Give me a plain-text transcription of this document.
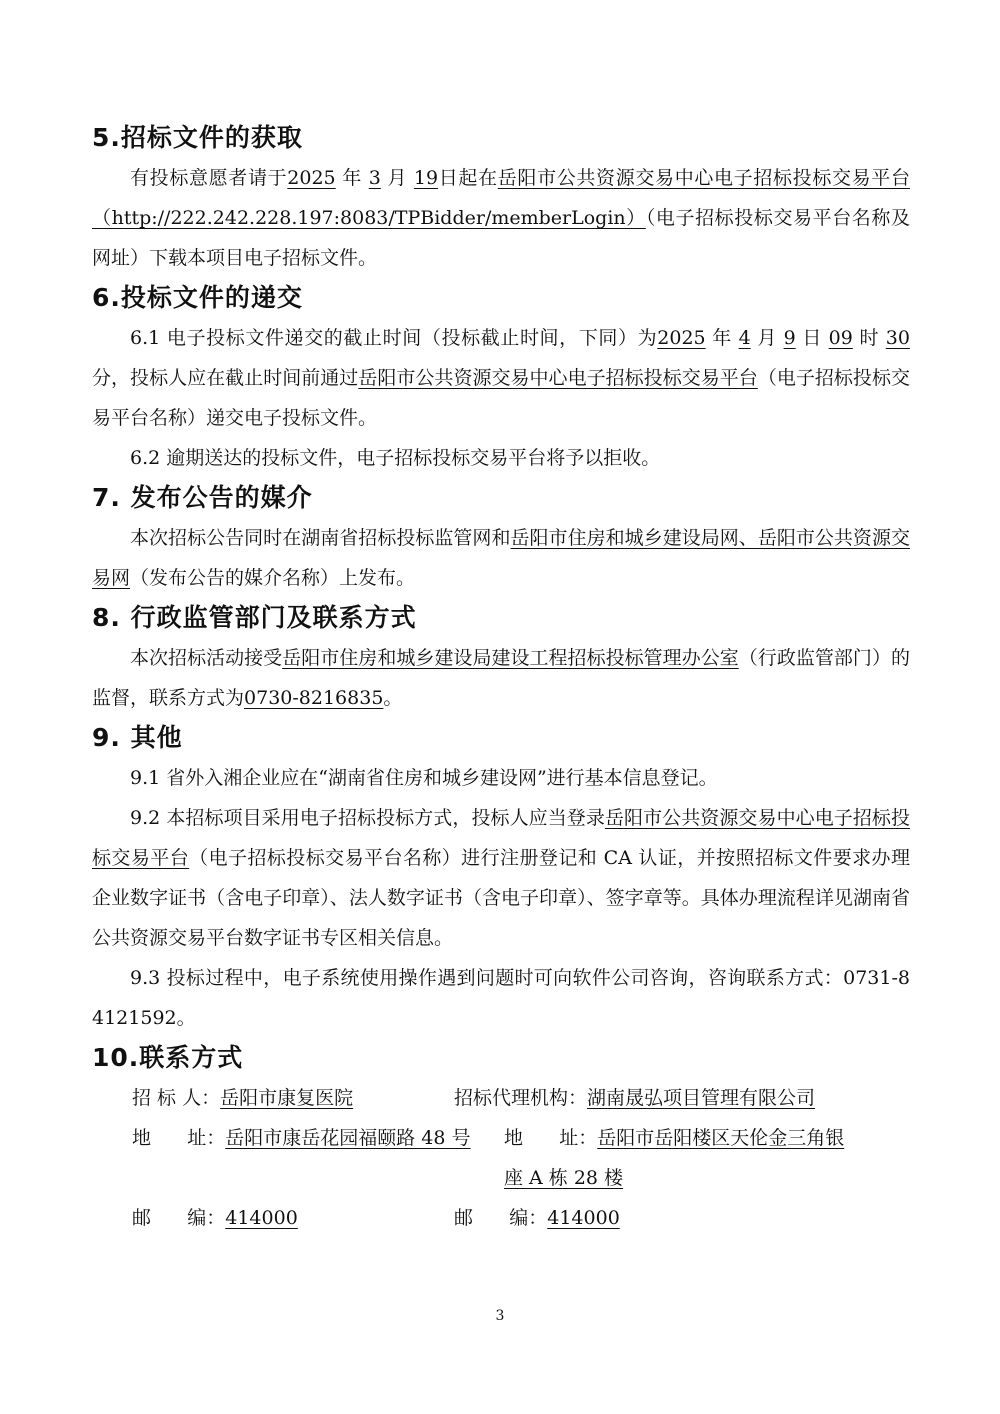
5.招标文件的获取

有投标意愿者请于2025 年 3 月 19日起在岳阳市公共资源交易中心电子招标投标交易平台（http://222.242.228.197:8083/TPBidder/memberLogin）（电子招标投标交易平台名称及网址）下载本项目电子招标文件。

6.投标文件的递交

6.1 电子投标文件递交的截止时间（投标截止时间，下同）为2025 年 4 月 9 日 09 时 30分，投标人应在截止时间前通过岳阳市公共资源交易中心电子招标投标交易平台（电子招标投标交易平台名称）递交电子投标文件。

6.2 逾期送达的投标文件，电子招标投标交易平台将予以拒收。

7. 发布公告的媒介

本次招标公告同时在湖南省招标投标监管网和岳阳市住房和城乡建设局网、岳阳市公共资源交易网（发布公告的媒介名称）上发布。

8. 行政监管部门及联系方式

本次招标活动接受岳阳市住房和城乡建设局建设工程招标投标管理办公室（行政监管部门）的监督，联系方式为0730-8216835。

9. 其他

9.1 省外入湘企业应在“湖南省住房和城乡建设网”进行基本信息登记。

9.2 本招标项目采用电子招标投标方式，投标人应当登录岳阳市公共资源交易中心电子招标投标交易平台（电子招标投标交易平台名称）进行注册登记和 CA 认证，并按照招标文件要求办理企业数字证书（含电子印章）、法人数字证书（含电子印章）、签字章等。具体办理流程详见湖南省公共资源交易平台数字证书专区相关信息。

9.3 投标过程中，电子系统使用操作遇到问题时可向软件公司咨询，咨询联系方式：0731-84121592。

10.联系方式
招 标 人：岳阳市康复医院	招标代理机构：湖南晟弘项目管理有限公司
地      址：岳阳市康岳花园福颐路 48 号 地      址：岳阳市岳阳楼区天伦金三角银
座 A 栋 28 楼
邮      编：414000	邮      编：414000
3
